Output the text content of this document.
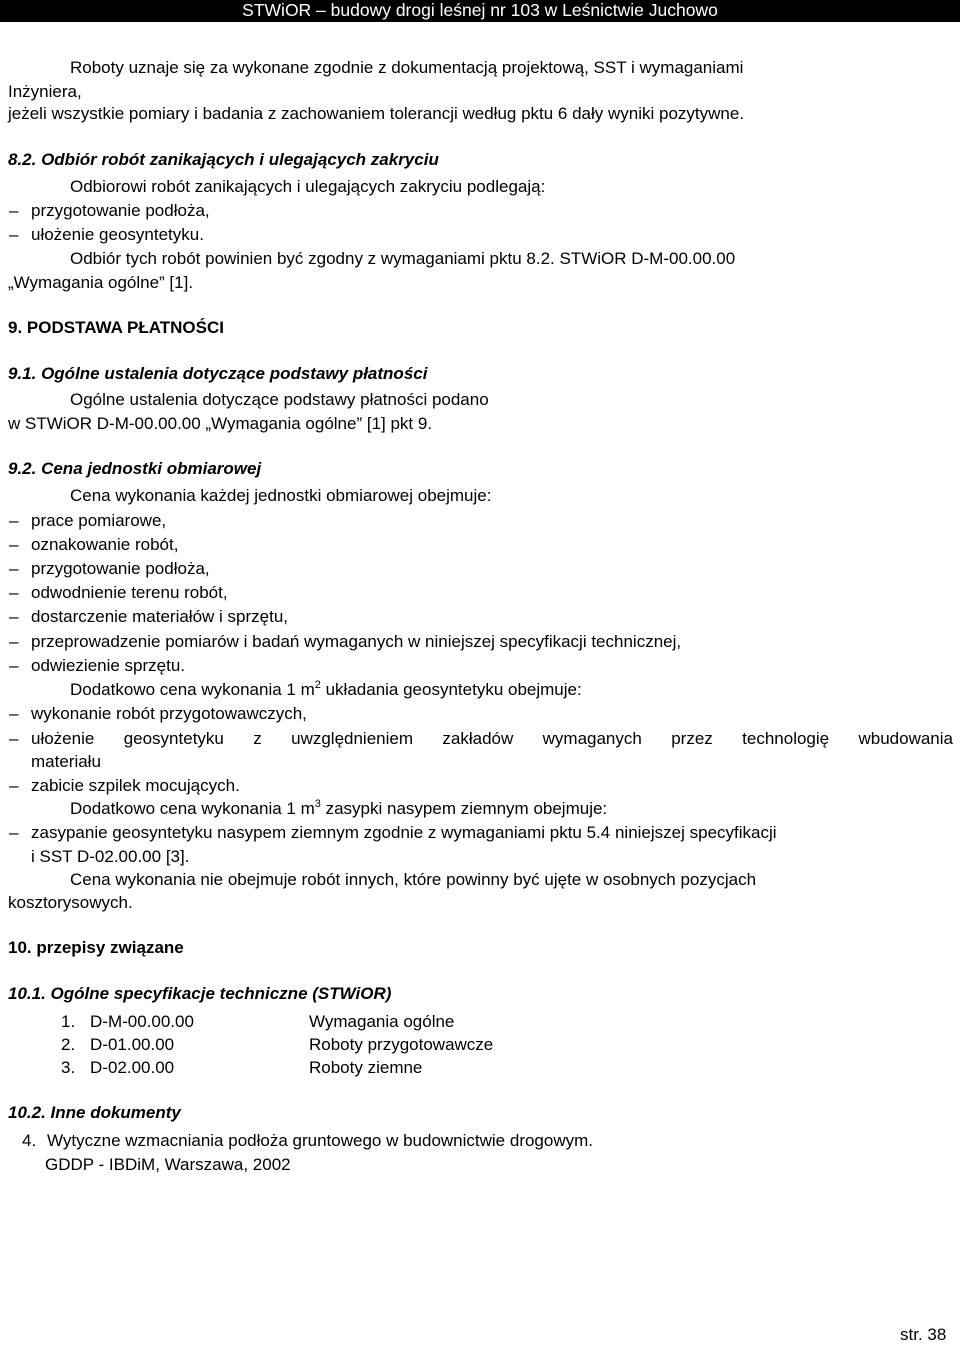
STWiOR – budowy drogi leśnej nr 103 w Leśnictwie Juchowo
Roboty uznaje się za wykonane zgodnie z dokumentacją projektową, SST i wymaganiami
Inżyniera,
jeżeli wszystkie pomiary i badania z zachowaniem tolerancji według pktu 6 dały wyniki pozytywne.
8.2. Odbiór robót zanikających i ulegających zakryciu
Odbiorowi robót zanikających i ulegających zakryciu podlegają:
– przygotowanie podłoża,
– ułożenie geosyntetyku.
Odbiór tych robót powinien być zgodny z wymaganiami pktu 8.2. STWiOR D-M-00.00.00
„Wymagania ogólne” [1].
9. PODSTAWA PŁATNOŚCI
9.1. Ogólne ustalenia dotyczące podstawy płatności
Ogólne ustalenia dotyczące podstawy płatności podano
w STWiOR D-M-00.00.00 „Wymagania ogólne” [1] pkt 9.
9.2. Cena jednostki obmiarowej
Cena wykonania każdej jednostki obmiarowej obejmuje:
– prace pomiarowe,
– oznakowanie robót,
– przygotowanie podłoża,
– odwodnienie terenu robót,
– dostarczenie materiałów i sprzętu,
– przeprowadzenie pomiarów i badań wymaganych w niniejszej specyfikacji technicznej,
– odwiezienie sprzętu.
Dodatkowo cena wykonania 1 $m^2$ układania geosyntetyku obejmuje:
– wykonanie robót przygotowawczych,
– ułożenie geosyntetyku z uwzględnieniem zakładów wymaganych przez technologię wbudowania
materiału
– zabicie szpilek mocujących.
Dodatkowo cena wykonania 1 $m^3$ zasypki nasypem ziemnym obejmuje:
– zasypanie geosyntetyku nasypem ziemnym zgodnie z wymaganiami pktu 5.4 niniejszej specyfikacji
i SST D-02.00.00 [3].
Cena wykonania nie obejmuje robót innych, które powinny być ujęte w osobnych pozycjach
kosztorysowych.
10. przepisy związane
10.1. Ogólne specyfikacje techniczne (STWiOR)
1. D-M-00.00.00	Wymagania ogólne
2. D-01.00.00	Roboty przygotowawcze
3. D-02.00.00	Roboty ziemne
10.2. Inne dokumenty
4. Wytyczne wzmacniania podłoża gruntowego w budownictwie drogowym.
GDDP - IBDiM, Warszawa, 2002
str. 38
